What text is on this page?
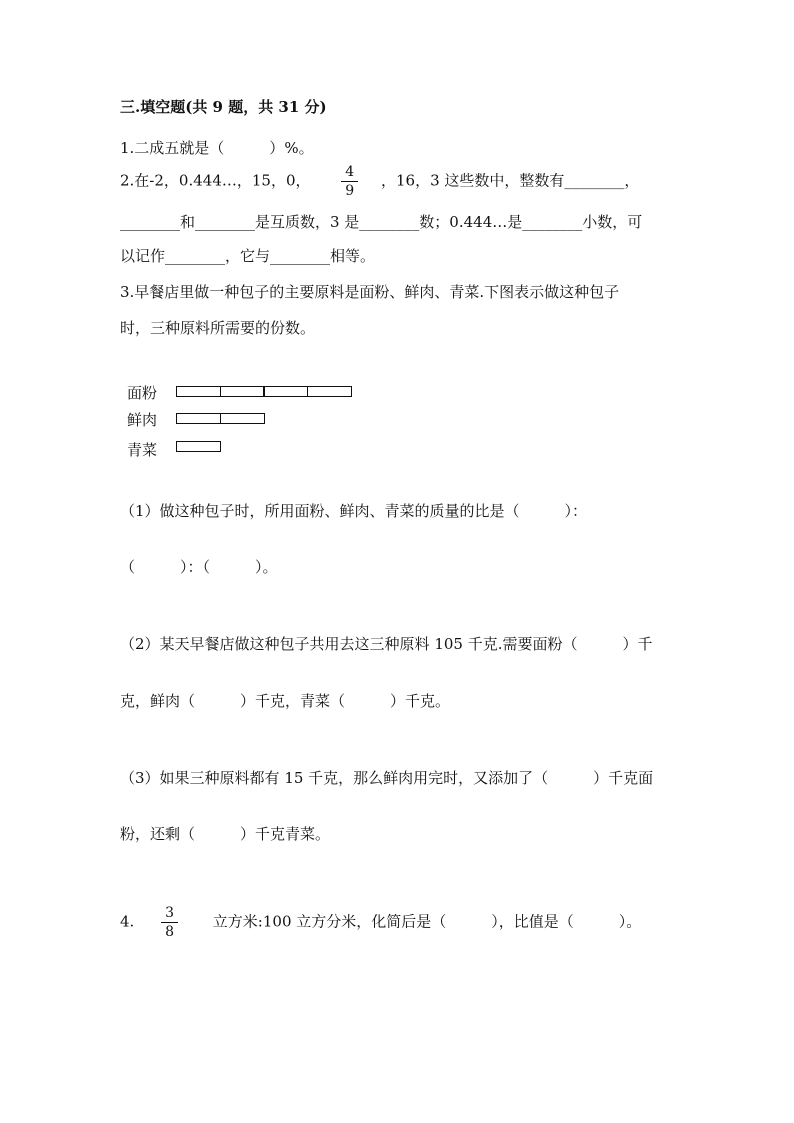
三.填空题(共 9 题，共 31 分)
1.二成五就是（　　　）%。
2.在-2，0.444…，15，0， $\frac{4}{9}$ ，16，3 这些数中，整数有________，
________和________是互质数，3 是________数；0.444…是________小数，可
以记作________，它与________相等。
3.早餐店里做一种包子的主要原料是面粉、鲜肉、青菜.下图表示做这种包子
时，三种原料所需要的份数。
面粉
鲜肉
青菜
（1）做这种包子时，所用面粉、鲜肉、青菜的质量的比是（　　　）：
（　　　）：（　　　）。
（2）某天早餐店做这种包子共用去这三种原料 105 千克.需要面粉（　　　）千
克，鲜肉（　　　）千克，青菜（　　　）千克。
（3）如果三种原料都有 15 千克，那么鲜肉用完时，又添加了（　　　）千克面
粉，还剩（　　　）千克青菜。
4. $\frac{3}{8}$ 立方米:100 立方分米，化简后是（　　　），比值是（　　　）。
